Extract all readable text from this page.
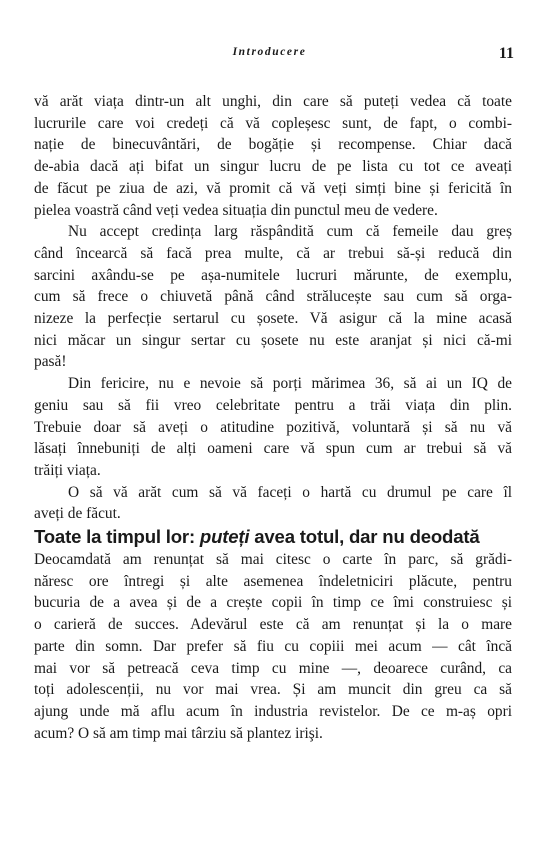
Introducere	11

vă arăt viața dintr-un alt unghi, din care să puteți vedea că toate

lucrurile care voi credeți că vă copleșesc sunt, de fapt, o combi-

nație de binecuvântări, de bogăție și recompense. Chiar dacă

de-abia dacă ați bifat un singur lucru de pe lista cu tot ce aveați

de făcut pe ziua de azi, vă promit că vă veți simți bine și fericită în

pielea voastră când veți vedea situația din punctul meu de vedere.

Nu accept credința larg răspândită cum că femeile dau greș

când încearcă să facă prea multe, că ar trebui să-și reducă din

sarcini axându-se pe așa-numitele lucruri mărunte, de exemplu,

cum să frece o chiuvetă până când strălucește sau cum să orga-

nizeze la perfecție sertarul cu șosete. Vă asigur că la mine acasă

nici măcar un singur sertar cu șosete nu este aranjat și nici că-mi

pasă!

Din fericire, nu e nevoie să porți mărimea 36, să ai un IQ de

geniu sau să fii vreo celebritate pentru a trăi viața din plin.

Trebuie doar să aveți o atitudine pozitivă, voluntară și să nu vă

lăsați înnebuniți de alți oameni care vă spun cum ar trebui să vă

trăiți viața.

O să vă arăt cum să vă faceți o hartă cu drumul pe care îl

aveți de făcut.

Toate la timpul lor: puteți avea totul, dar nu deodată

Deocamdată am renunțat să mai citesc o carte în parc, să grădi-

năresc ore întregi și alte asemenea îndeletniciri plăcute, pentru

bucuria de a avea și de a crește copii în timp ce îmi construiesc și

o carieră de succes. Adevărul este că am renunțat și la o mare

parte din somn. Dar prefer să fiu cu copiii mei acum — cât încă

mai vor să petreacă ceva timp cu mine —, deoarece curând, ca

toți adolescenții, nu vor mai vrea. Și am muncit din greu ca să

ajung unde mă aflu acum în industria revistelor. De ce m-aș opri

acum? O să am timp mai târziu să plantez irişi.
